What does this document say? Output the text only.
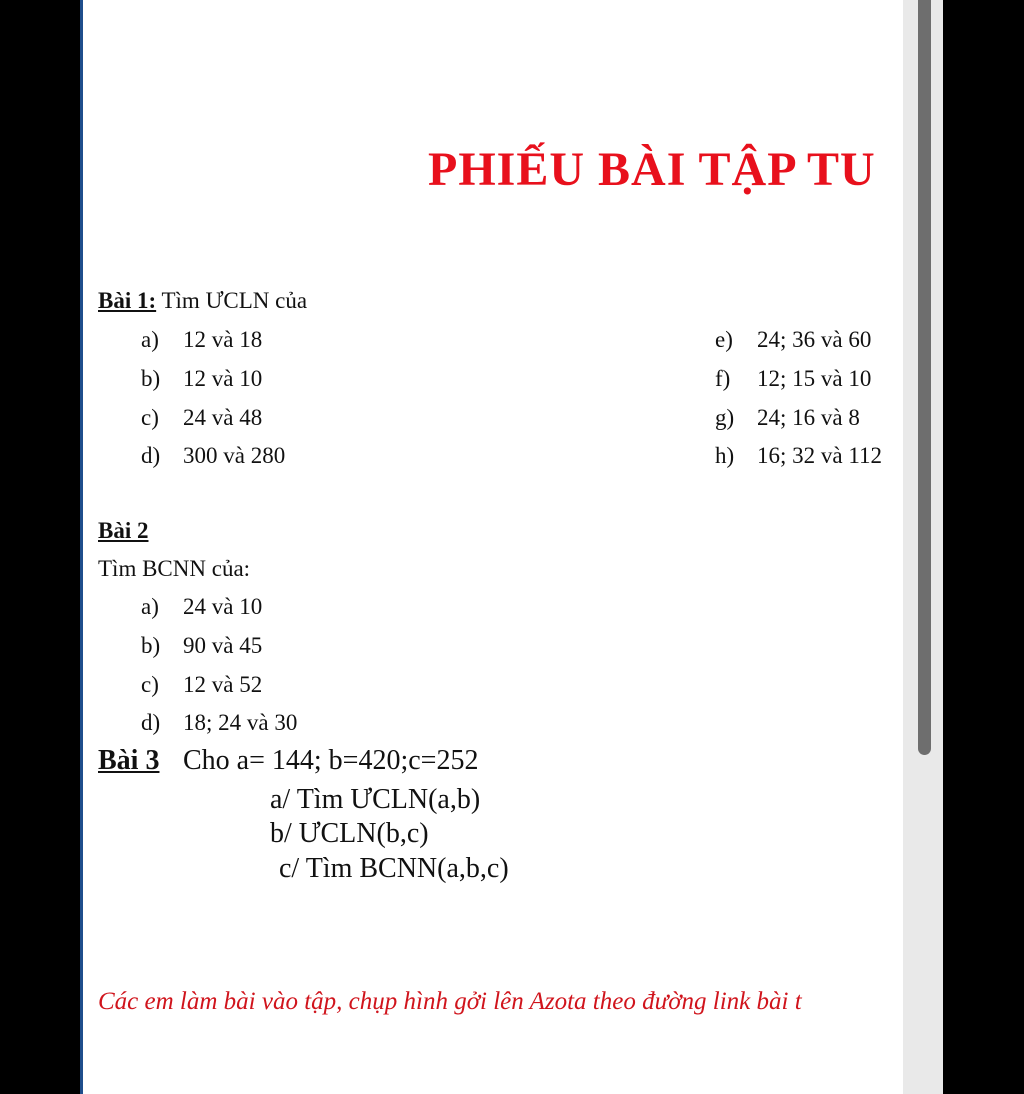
PHIẾU BÀI TẬP TU
Bài 1: Tìm ƯCLN của
a) 12 và 18
b) 12 và 10
c) 24 và 48
d) 300 và 280
e) 24; 36 và 60
f) 12; 15 và 10
g) 24; 16 và 8
h) 16; 32 và 112
Bài 2
Tìm BCNN của:
a) 24 và 10
b) 90 và 45
c) 12 và 52
d) 18; 24 và 30
Bài 3 Cho a= 144; b=420;c=252
a/ Tìm ƯCLN(a,b)
b/ ƯCLN(b,c)
c/ Tìm BCNN(a,b,c)
Các em làm bài vào tập, chụp hình gởi lên Azota theo đường link bài t
